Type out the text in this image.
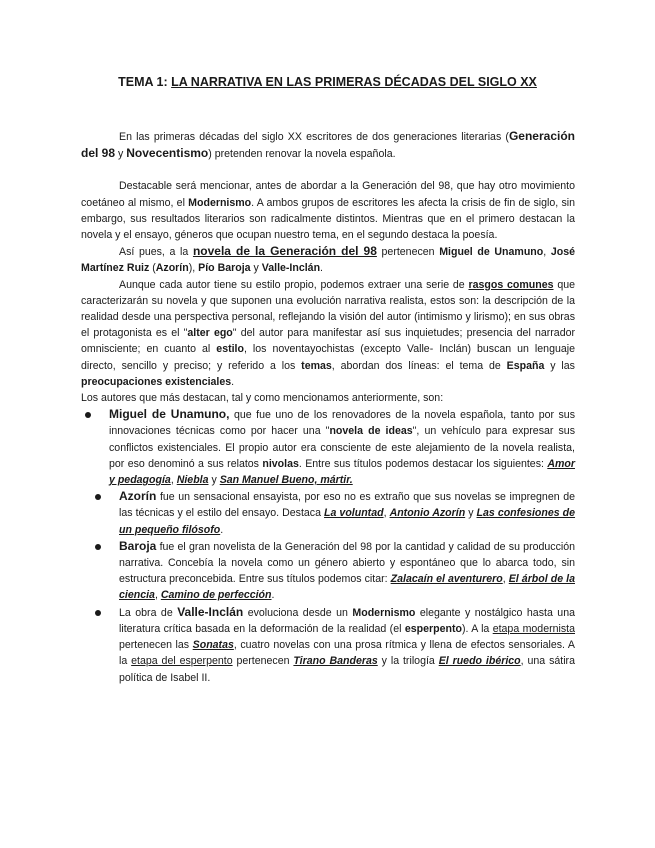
TEMA 1: LA NARRATIVA EN LAS PRIMERAS DÉCADAS DEL SIGLO XX

En las primeras décadas del siglo XX escritores de dos generaciones literarias (Generación del 98 y Novecentismo) pretenden renovar la novela española.

Destacable será mencionar, antes de abordar a la Generación del 98, que hay otro movimiento coetáneo al mismo, el Modernismo. A ambos grupos de escritores les afecta la crisis de fin de siglo, sin embargo, sus resultados literarios son radicalmente distintos. Mientras que en el primero destacan la novela y el ensayo, géneros que ocupan nuestro tema, en el segundo destaca la poesía.

Así pues, a la novela de la Generación del 98 pertenecen Miguel de Unamuno, José Martínez Ruiz (Azorín), Pío Baroja y Valle-Inclán.

Aunque cada autor tiene su estilo propio, podemos extraer una serie de rasgos comunes que caracterizarán su novela y que suponen una evolución narrativa realista, estos son: la descripción de la realidad desde una perspectiva personal, reflejando la visión del autor (intimismo y lirismo); en sus obras el protagonista es el "alter ego" del autor para manifestar así sus inquietudes; presencia del narrador omnisciente; en cuanto al estilo, los noventayochistas (excepto Valle- Inclán) buscan un lenguaje directo, sencillo y preciso; y referido a los temas, abordan dos líneas: el tema de España y las preocupaciones existenciales.

Los autores que más destacan, tal y como mencionamos anteriormente, son:

Miguel de Unamuno, que fue uno de los renovadores de la novela española, tanto por sus innovaciones técnicas como por hacer una "novela de ideas", un vehículo para expresar sus conflictos existenciales. El propio autor era consciente de este alejamiento de la novela realista, por eso denominó a sus relatos nivolas. Entre sus títulos podemos destacar los siguientes: Amor y pedagogía, Niebla y San Manuel Bueno, mártir.
Azorín fue un sensacional ensayista, por eso no es extraño que sus novelas se impregnen de las técnicas y el estilo del ensayo. Destaca La voluntad, Antonio Azorín y Las confesiones de un pequeño filósofo.
Baroja fue el gran novelista de la Generación del 98 por la cantidad y calidad de su producción narrativa. Concebía la novela como un género abierto y espontáneo que lo abarca todo, sin estructura preconcebida. Entre sus títulos podemos citar: Zalacaín el aventurero, El árbol de la ciencia, Camino de perfección.
La obra de Valle-Inclán evoluciona desde un Modernismo elegante y nostálgico hasta una literatura crítica basada en la deformación de la realidad (el esperpento). A la etapa modernista pertenecen las Sonatas, cuatro novelas con una prosa rítmica y llena de efectos sensoriales. A la etapa del esperpento pertenecen Tirano Banderas y la trilogía El ruedo ibérico, una sátira política de Isabel II.
